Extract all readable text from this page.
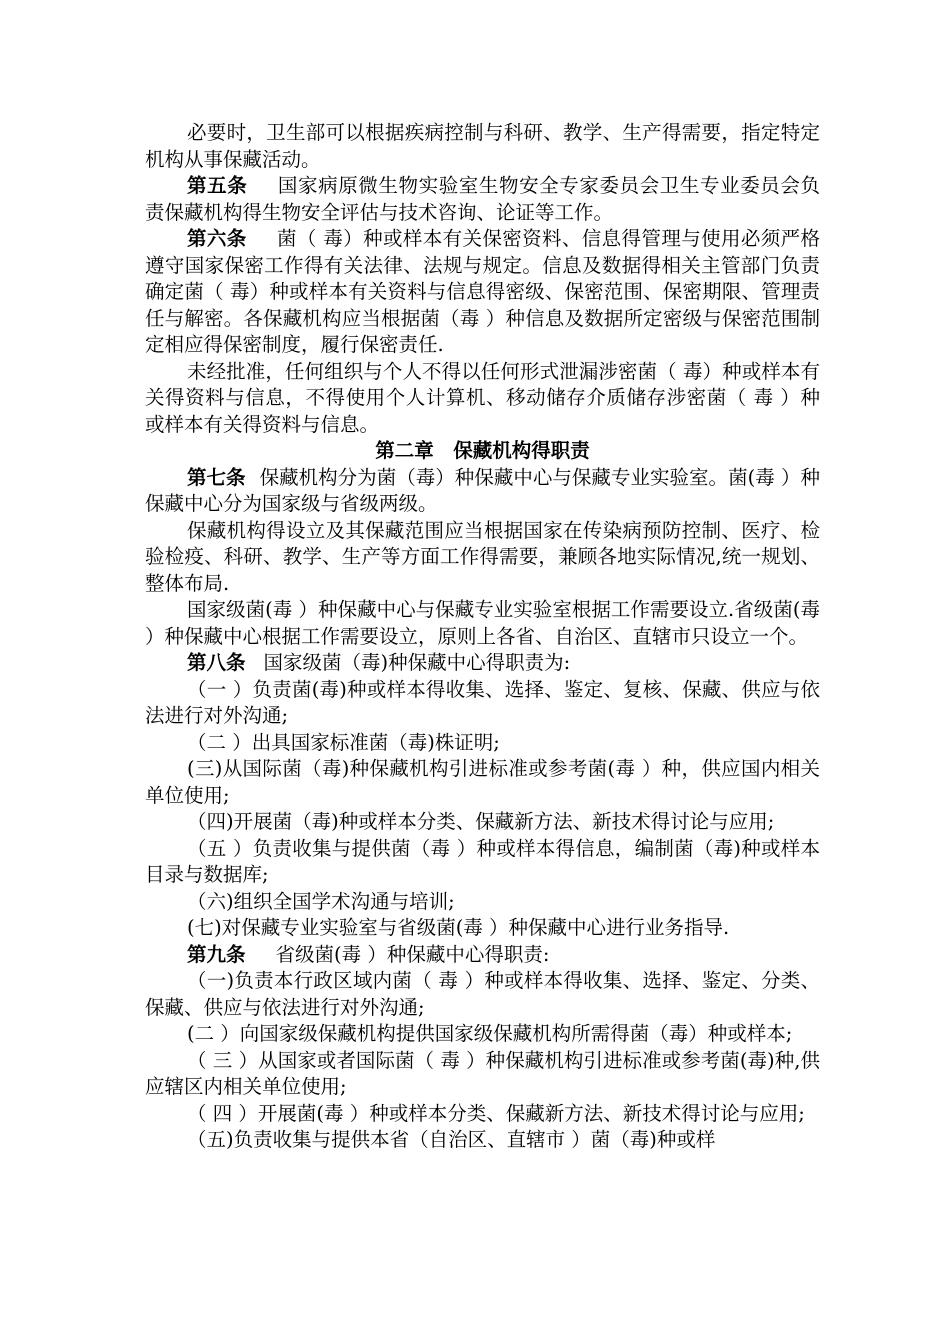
必要时，卫生部可以根据疾病控制与科研、教学、生产得需要，指定特定机构从事保藏活动。

第五条 国家病原微生物实验室生物安全专家委员会卫生专业委员会负责保藏机构得生物安全评估与技术咨询、论证等工作。

第六条 菌（ 毒）种或样本有关保密资料、信息得管理与使用必须严格遵守国家保密工作得有关法律、法规与规定。信息及数据得相关主管部门负责确定菌（ 毒）种或样本有关资料与信息得密级、保密范围、保密期限、管理责任与解密。各保藏机构应当根据菌（毒 ）种信息及数据所定密级与保密范围制定相应得保密制度，履行保密责任.

未经批准，任何组织与个人不得以任何形式泄漏涉密菌（ 毒）种或样本有关得资料与信息，不得使用个人计算机、移动储存介质储存涉密菌（ 毒 ）种或样本有关得资料与信息。

第二章　保藏机构得职责

第七条 保藏机构分为菌（毒）种保藏中心与保藏专业实验室。菌(毒 ）种保藏中心分为国家级与省级两级。

保藏机构得设立及其保藏范围应当根据国家在传染病预防控制、医疗、检验检疫、科研、教学、生产等方面工作得需要，兼顾各地实际情况,统一规划、整体布局.

国家级菌(毒 ）种保藏中心与保藏专业实验室根据工作需要设立.省级菌(毒 ）种保藏中心根据工作需要设立，原则上各省、自治区、直辖市只设立一个。

第八条 国家级菌（毒)种保藏中心得职责为:

（一 ）负责菌(毒)种或样本得收集、选择、鉴定、复核、保藏、供应与依法进行对外沟通;

（二 ）出具国家标准菌（毒)株证明;

(三)从国际菌（毒)种保藏机构引进标准或参考菌(毒 ）种，供应国内相关单位使用;

（四)开展菌（毒)种或样本分类、保藏新方法、新技术得讨论与应用;

（五 ）负责收集与提供菌（毒 ）种或样本得信息，编制菌（毒)种或样本目录与数据库;

（六)组织全国学术沟通与培训;

(七)对保藏专业实验室与省级菌(毒 ）种保藏中心进行业务指导.

第九条 省级菌(毒 ）种保藏中心得职责:

（一)负责本行政区域内菌（ 毒 ）种或样本得收集、选择、鉴定、分类、保藏、供应与依法进行对外沟通;

(二 ）向国家级保藏机构提供国家级保藏机构所需得菌（毒）种或样本;

（ 三 ）从国家或者国际菌（ 毒 ）种保藏机构引进标准或参考菌(毒)种,供应辖区内相关单位使用;

（ 四 ）开展菌(毒 ）种或样本分类、保藏新方法、新技术得讨论与应用;

（五)负责收集与提供本省（自治区、直辖市 ）菌（毒)种或样
